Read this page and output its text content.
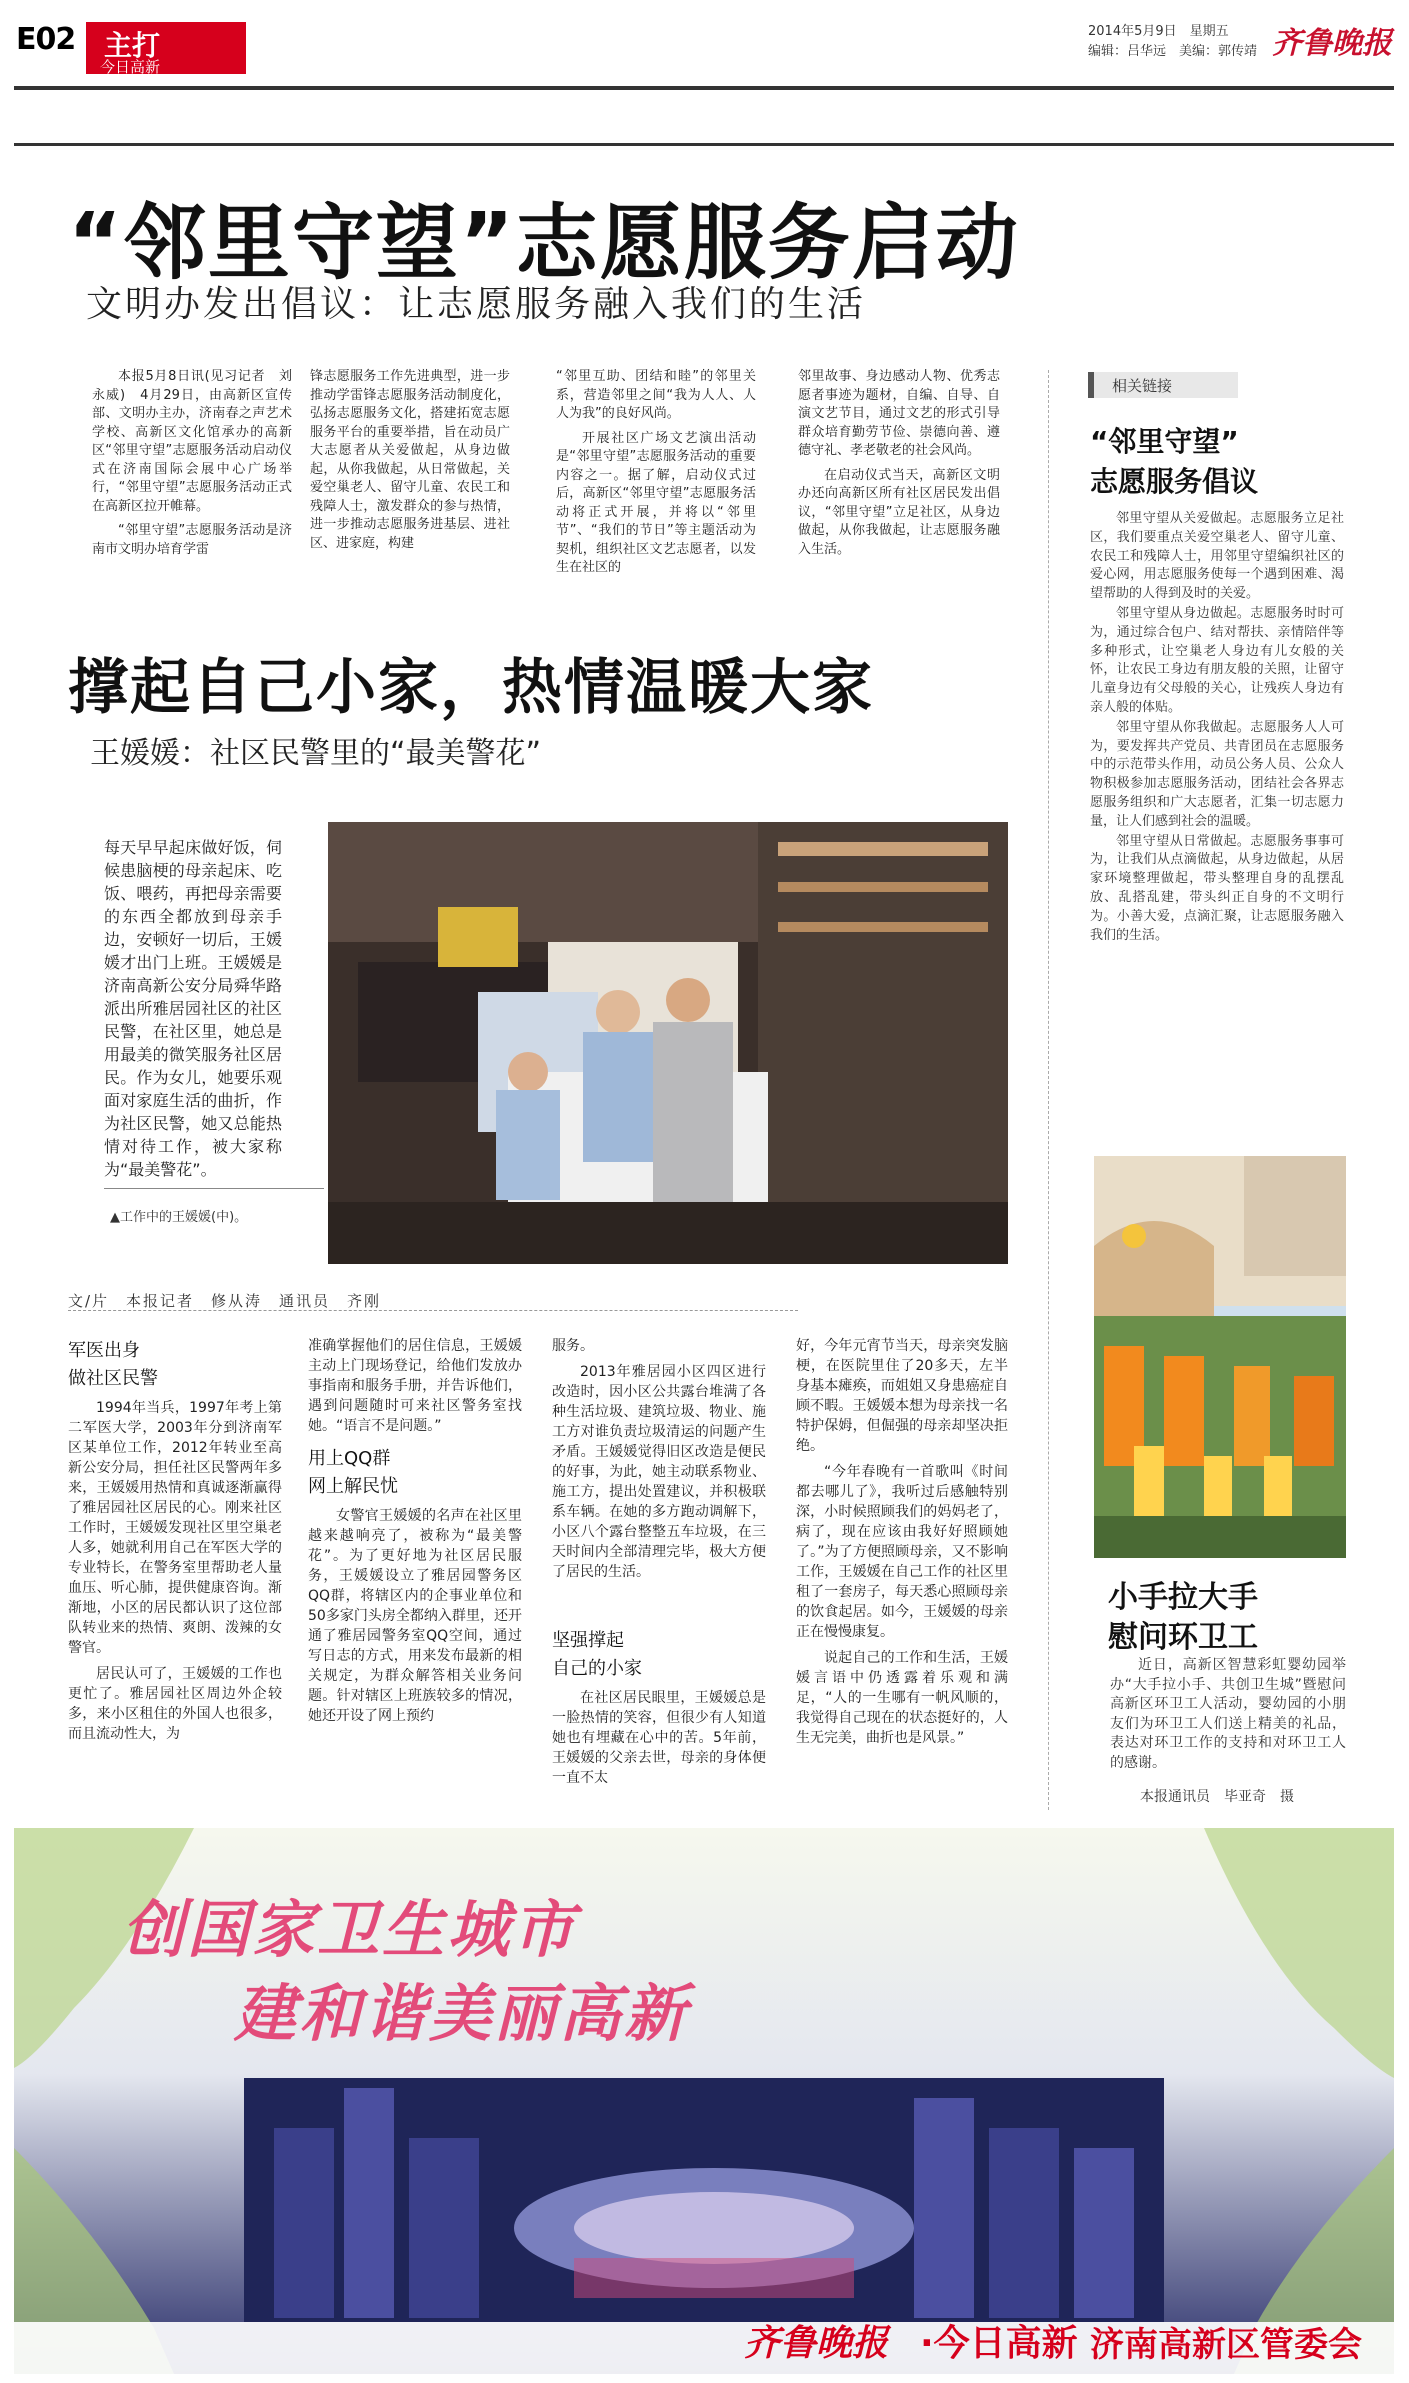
E02 主打
今日高新
2014年5月9日　星期五
编辑：吕华远　美编：郭传靖 齐鲁晚报
“邻里守望”志愿服务启动
文明办发出倡议：让志愿服务融入我们的生活

本报5月8日讯(见习记者　刘永威)　4月29日，由高新区宣传部、文明办主办，济南春之声艺术学校、高新区文化馆承办的高新区“邻里守望”志愿服务活动启动仪式在济南国际会展中心广场举行，“邻里守望”志愿服务活动正式在高新区拉开帷幕。

“邻里守望”志愿服务活动是济南市文明办培育学雷

锋志愿服务工作先进典型，进一步推动学雷锋志愿服务活动制度化，弘扬志愿服务文化，搭建拓宽志愿服务平台的重要举措，旨在动员广大志愿者从关爱做起，从身边做起，从你我做起，从日常做起，关爱空巢老人、留守儿童、农民工和残障人士，激发群众的参与热情，进一步推动志愿服务进基层、进社区、进家庭，构建

“邻里互助、团结和睦”的邻里关系，营造邻里之间“我为人人、人人为我”的良好风尚。

开展社区广场文艺演出活动是“邻里守望”志愿服务活动的重要内容之一。据了解，启动仪式过后，高新区“邻里守望”志愿服务活动将正式开展，并将以“邻里节”、“我们的节日”等主题活动为契机，组织社区文艺志愿者，以发生在社区的

邻里故事、身边感动人物、优秀志愿者事迹为题材，自编、自导、自演文艺节目，通过文艺的形式引导群众培育勤劳节俭、崇德向善、遵德守礼、孝老敬老的社会风尚。

在启动仪式当天，高新区文明办还向高新区所有社区居民发出倡议，“邻里守望”立足社区，从身边做起，从你我做起，让志愿服务融入生活。

撑起自己小家，热情温暖大家
王媛媛：社区民警里的“最美警花”
每天早早起床做好饭，伺候患脑梗的母亲起床、吃饭、喂药，再把母亲需要的东西全都放到母亲手边，安顿好一切后，王媛媛才出门上班。王媛媛是济南高新公安分局舜华路派出所雅居园社区的社区民警，在社区里，她总是用最美的微笑服务社区居民。作为女儿，她要乐观面对家庭生活的曲折，作为社区民警，她又总能热情对待工作，被大家称为“最美警花”。
▲工作中的王媛媛(中)。
文/片　本报记者　修从涛　通讯员　齐刚
军医出身
做社区民警

1994年当兵，1997年考上第二军医大学，2003年分到济南军区某单位工作，2012年转业至高新公安分局，担任社区民警两年多来，王媛媛用热情和真诚逐渐赢得了雅居园社区居民的心。刚来社区工作时，王媛媛发现社区里空巢老人多，她就利用自己在军医大学的专业特长，在警务室里帮助老人量血压、听心肺，提供健康咨询。渐渐地，小区的居民都认识了这位部队转业来的热情、爽朗、泼辣的女警官。

居民认可了，王媛媛的工作也更忙了。雅居园社区周边外企较多，来小区租住的外国人也很多，而且流动性大，为

准确掌握他们的居住信息，王媛媛主动上门现场登记，给他们发放办事指南和服务手册，并告诉他们，遇到问题随时可来社区警务室找她。“语言不是问题。”

用上QQ群
网上解民忧

女警官王媛媛的名声在社区里越来越响亮了，被称为“最美警花”。为了更好地为社区居民服务，王媛媛设立了雅居园警务区QQ群，将辖区内的企事业单位和50多家门头房全都纳入群里，还开通了雅居园警务室QQ空间，通过写日志的方式，用来发布最新的相关规定，为群众解答相关业务问题。针对辖区上班族较多的情况，她还开设了网上预约

服务。

2013年雅居园小区四区进行改造时，因小区公共露台堆满了各种生活垃圾、建筑垃圾、物业、施工方对谁负责垃圾清运的问题产生矛盾。王媛媛觉得旧区改造是便民的好事，为此，她主动联系物业、施工方，提出处置建议，并积极联系车辆。在她的多方跑动调解下，小区八个露台整整五车垃圾，在三天时间内全部清理完毕，极大方便了居民的生活。

坚强撑起
自己的小家

在社区居民眼里，王媛媛总是一脸热情的笑容，但很少有人知道她也有埋藏在心中的苦。5年前，王媛媛的父亲去世，母亲的身体便一直不太

好，今年元宵节当天，母亲突发脑梗，在医院里住了20多天，左半身基本瘫痪，而姐姐又身患癌症自顾不暇。王媛媛本想为母亲找一名特护保姆，但倔强的母亲却坚决拒绝。

“今年春晚有一首歌叫《时间都去哪儿了》，我听过后感触特别深，小时候照顾我们的妈妈老了，病了，现在应该由我好好照顾她了。”为了方便照顾母亲，又不影响工作，王媛媛在自己工作的社区里租了一套房子，每天悉心照顾母亲的饮食起居。如今，王媛媛的母亲正在慢慢康复。

说起自己的工作和生活，王媛媛言语中仍透露着乐观和满足，“人的一生哪有一帆风顺的，我觉得自己现在的状态挺好的，人生无完美，曲折也是风景。”

相关链接
“邻里守望”
志愿服务倡议

邻里守望从关爱做起。志愿服务立足社区，我们要重点关爱空巢老人、留守儿童、农民工和残障人士，用邻里守望编织社区的爱心网，用志愿服务使每一个遇到困难、渴望帮助的人得到及时的关爱。

邻里守望从身边做起。志愿服务时时可为，通过综合包户、结对帮扶、亲情陪伴等多种形式，让空巢老人身边有儿女般的关怀，让农民工身边有朋友般的关照，让留守儿童身边有父母般的关心，让残疾人身边有亲人般的体贴。

邻里守望从你我做起。志愿服务人人可为，要发挥共产党员、共青团员在志愿服务中的示范带头作用，动员公务人员、公众人物积极参加志愿服务活动，团结社会各界志愿服务组织和广大志愿者，汇集一切志愿力量，让人们感到社会的温暖。

邻里守望从日常做起。志愿服务事事可为，让我们从点滴做起，从身边做起，从居家环境整理做起，带头整理自身的乱摆乱放、乱搭乱建，带头纠正自身的不文明行为。小善大爱，点滴汇聚，让志愿服务融入我们的生活。

小手拉大手
慰问环卫工

近日，高新区智慧彩虹婴幼园举办“大手拉小手、共创卫生城”暨慰问高新区环卫工人活动，婴幼园的小朋友们为环卫工人们送上精美的礼品，表达对环卫工作的支持和对环卫工人的感谢。

本报通讯员　毕亚奇　摄
创国家卫生城市
建和谐美丽高新
齐鲁晚报 ·今日高新 济南高新区管委会
